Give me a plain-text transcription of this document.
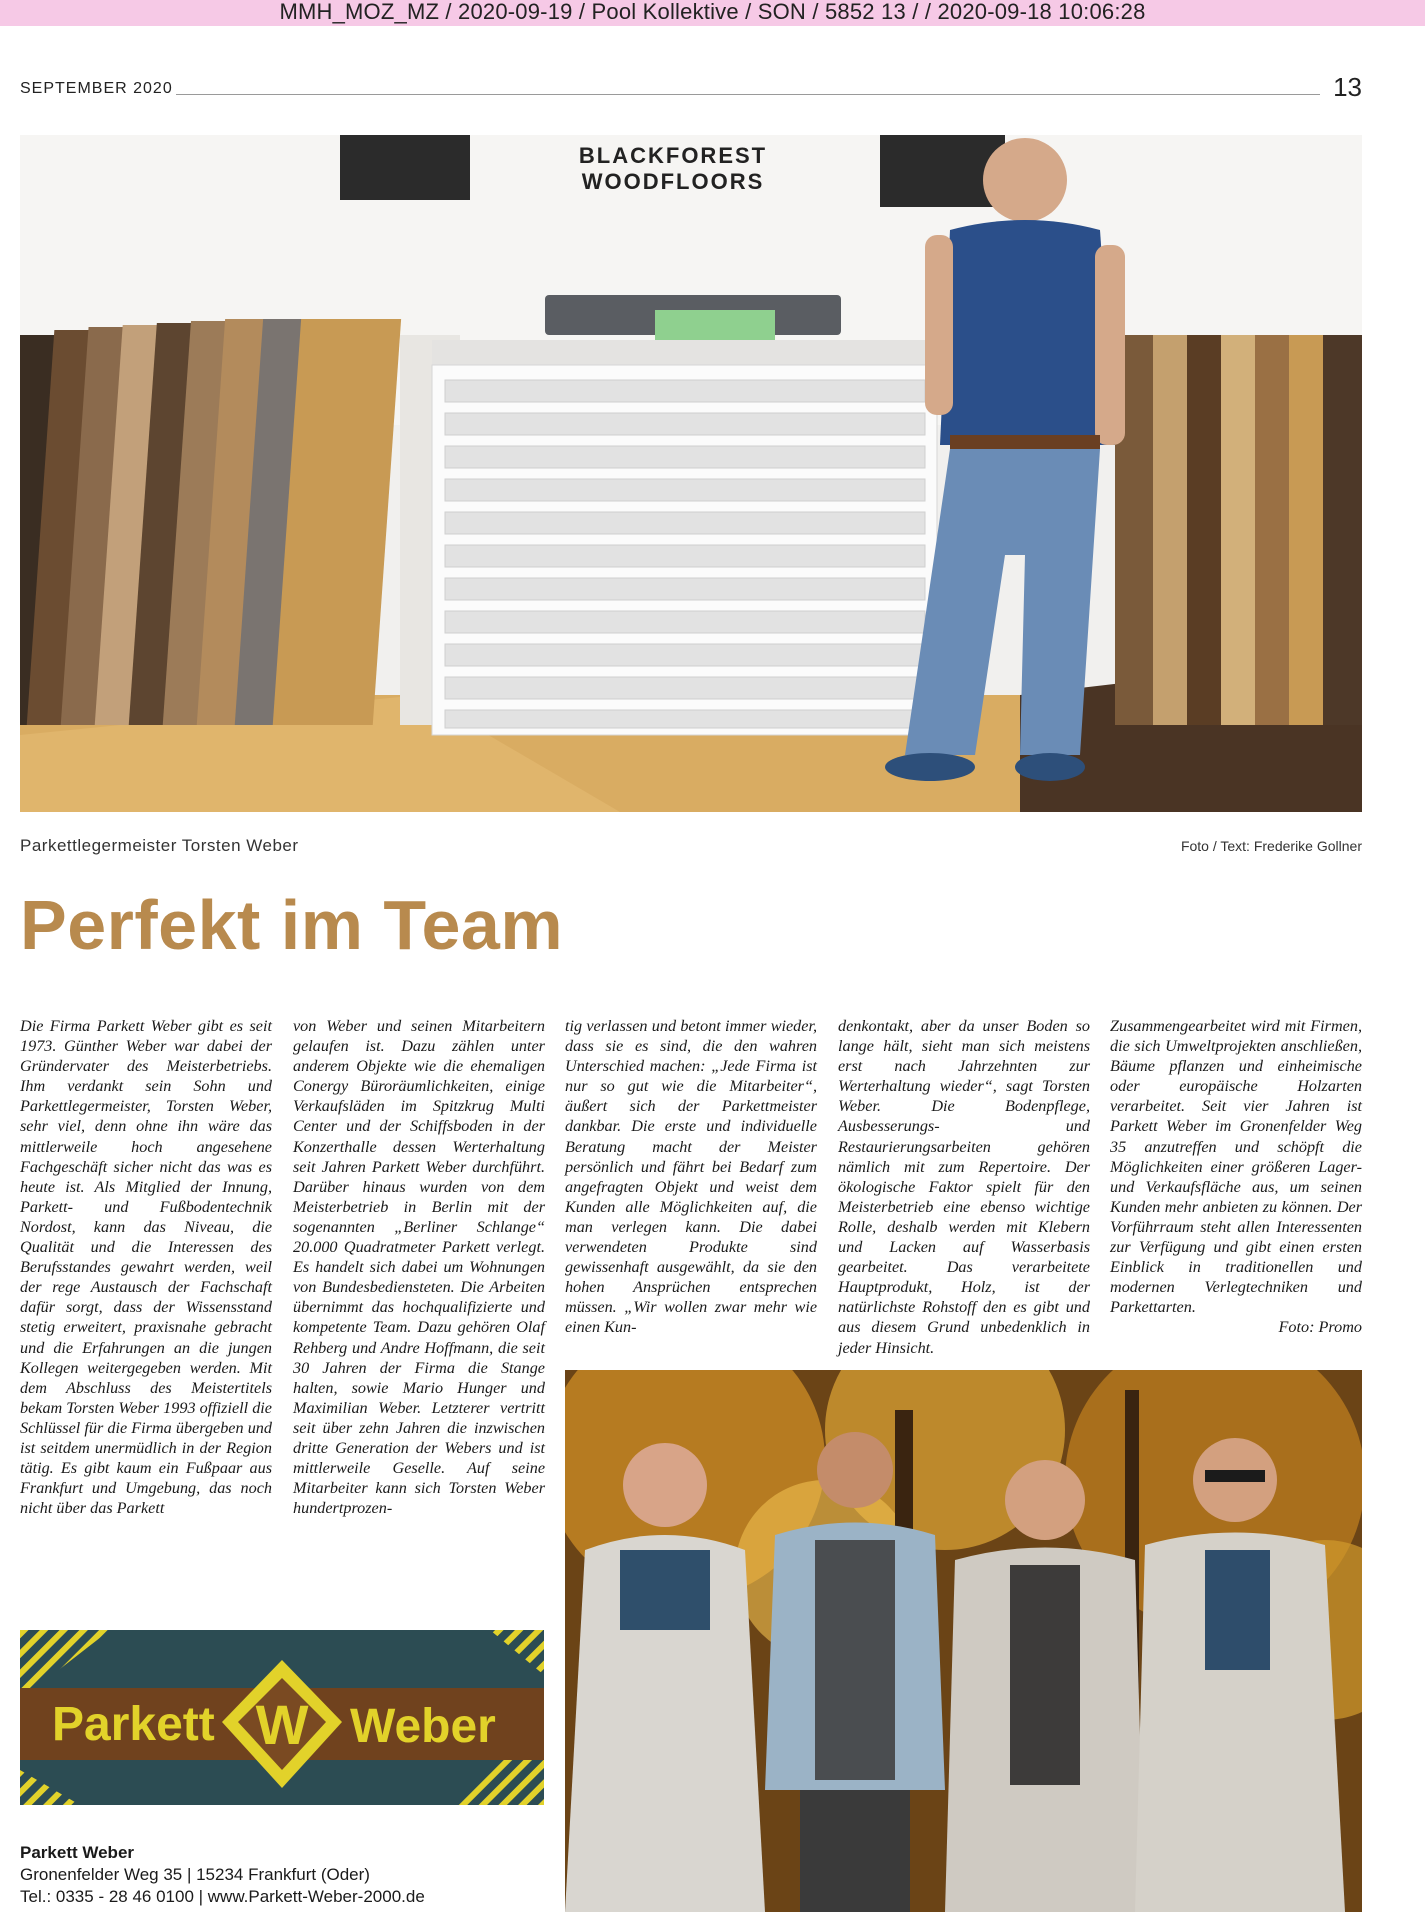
MMH_MOZ_MZ / 2020-09-19 / Pool Kollektive / SON / 5852 13 / / 2020-09-18 10:06:28
SEPTEMBER 2020	13
BLACKFOREST
WOODFLOORS
Parkettlegermeister Torsten Weber	Foto / Text: Frederike Gollner
Perfekt im Team

Die Firma Parkett Weber gibt es seit 1973. Günther Weber war dabei der Gründervater des Meisterbetriebs. Ihm verdankt sein Sohn und Parkettlegermeister, Torsten Weber, sehr viel, denn ohne ihn wäre das mittlerweile hoch angesehene Fachgeschäft sicher nicht das was es heute ist. Als Mitglied der Innung, Parkett- und Fußbodentechnik Nordost, kann das Niveau, die Qualität und die Interessen des Berufsstandes gewahrt werden, weil der rege Austausch der Fachschaft dafür sorgt, dass der Wissensstand stetig erweitert, praxisnahe gebracht und die Erfahrungen an die jungen Kollegen weitergegeben werden. Mit dem Abschluss des Meistertitels bekam Torsten Weber 1993 offiziell die Schlüssel für die Firma übergeben und ist seitdem unermüdlich in der Region tätig. Es gibt kaum ein Fußpaar aus Frankfurt und Umgebung, das noch nicht über das Parkett

von Weber und seinen Mitarbeitern gelaufen ist. Dazu zählen unter anderem Objekte wie die ehemaligen Conergy Büroräumlichkeiten, einige Verkaufsläden im Spitzkrug Multi Center und der Schiffsboden in der Konzerthalle dessen Werterhaltung seit Jahren Parkett Weber durchführt. Darüber hinaus wurden von dem Meisterbetrieb in Berlin mit der sogenannten „Berliner Schlange“ 20.000 Quadratmeter Parkett verlegt. Es handelt sich dabei um Wohnungen von Bundesbediensteten. Die Arbeiten übernimmt das hochqualifizierte und kompetente Team. Dazu gehören Olaf Rehberg und Andre Hoffmann, die seit 30 Jahren der Firma die Stange halten, sowie Mario Hunger und Maximilian Weber. Letzterer vertritt seit über zehn Jahren die inzwischen dritte Generation der Webers und ist mittlerweile Geselle. Auf seine Mitarbeiter kann sich Torsten Weber hundertprozen-

tig verlassen und betont immer wieder, dass sie es sind, die den wahren Unterschied machen: „Jede Firma ist nur so gut wie die Mitarbeiter“, äußert sich der Parkettmeister dankbar. Die erste und individuelle Beratung macht der Meister persönlich und fährt bei Bedarf zum angefragten Objekt und weist dem Kunden alle Möglichkeiten auf, die man verlegen kann. Die dabei verwendeten Produkte sind gewissenhaft ausgewählt, da sie den hohen Ansprüchen entsprechen müssen. „Wir wollen zwar mehr wie einen Kun-

denkontakt, aber da unser Boden so lange hält, sieht man sich meistens erst nach Jahrzehnten zur Werterhaltung wieder“, sagt Torsten Weber. Die Bodenpflege, Ausbesserungs- und Restaurierungsarbeiten gehören nämlich mit zum Repertoire. Der ökologische Faktor spielt für den Meisterbetrieb eine ebenso wichtige Rolle, deshalb werden mit Klebern und Lacken auf Wasserbasis gearbeitet. Das verarbeitete Hauptprodukt, Holz, ist der natürlichste Rohstoff den es gibt und aus diesem Grund unbedenklich in jeder Hinsicht.

Zusammengearbeitet wird mit Firmen, die sich Umweltprojekten anschließen, Bäume pflanzen und einheimische oder europäische Holzarten verarbeitet. Seit vier Jahren ist Parkett Weber im Gronenfelder Weg 35 anzutreffen und schöpft die Möglichkeiten einer größeren Lager- und Verkaufsfläche aus, um seinen Kunden mehr anbieten zu können. Der Vorführraum steht allen Interessenten zur Verfügung und gibt einen ersten Einblick in traditionellen und modernen Verlegtechniken und Parkettarten.

Foto: Promo
W
Parkett	Weber
Parkett Weber
Gronenfelder Weg 35 | 15234 Frankfurt (Oder)
Tel.: 0335 - 28 46 0100 | www.Parkett-Weber-2000.de
